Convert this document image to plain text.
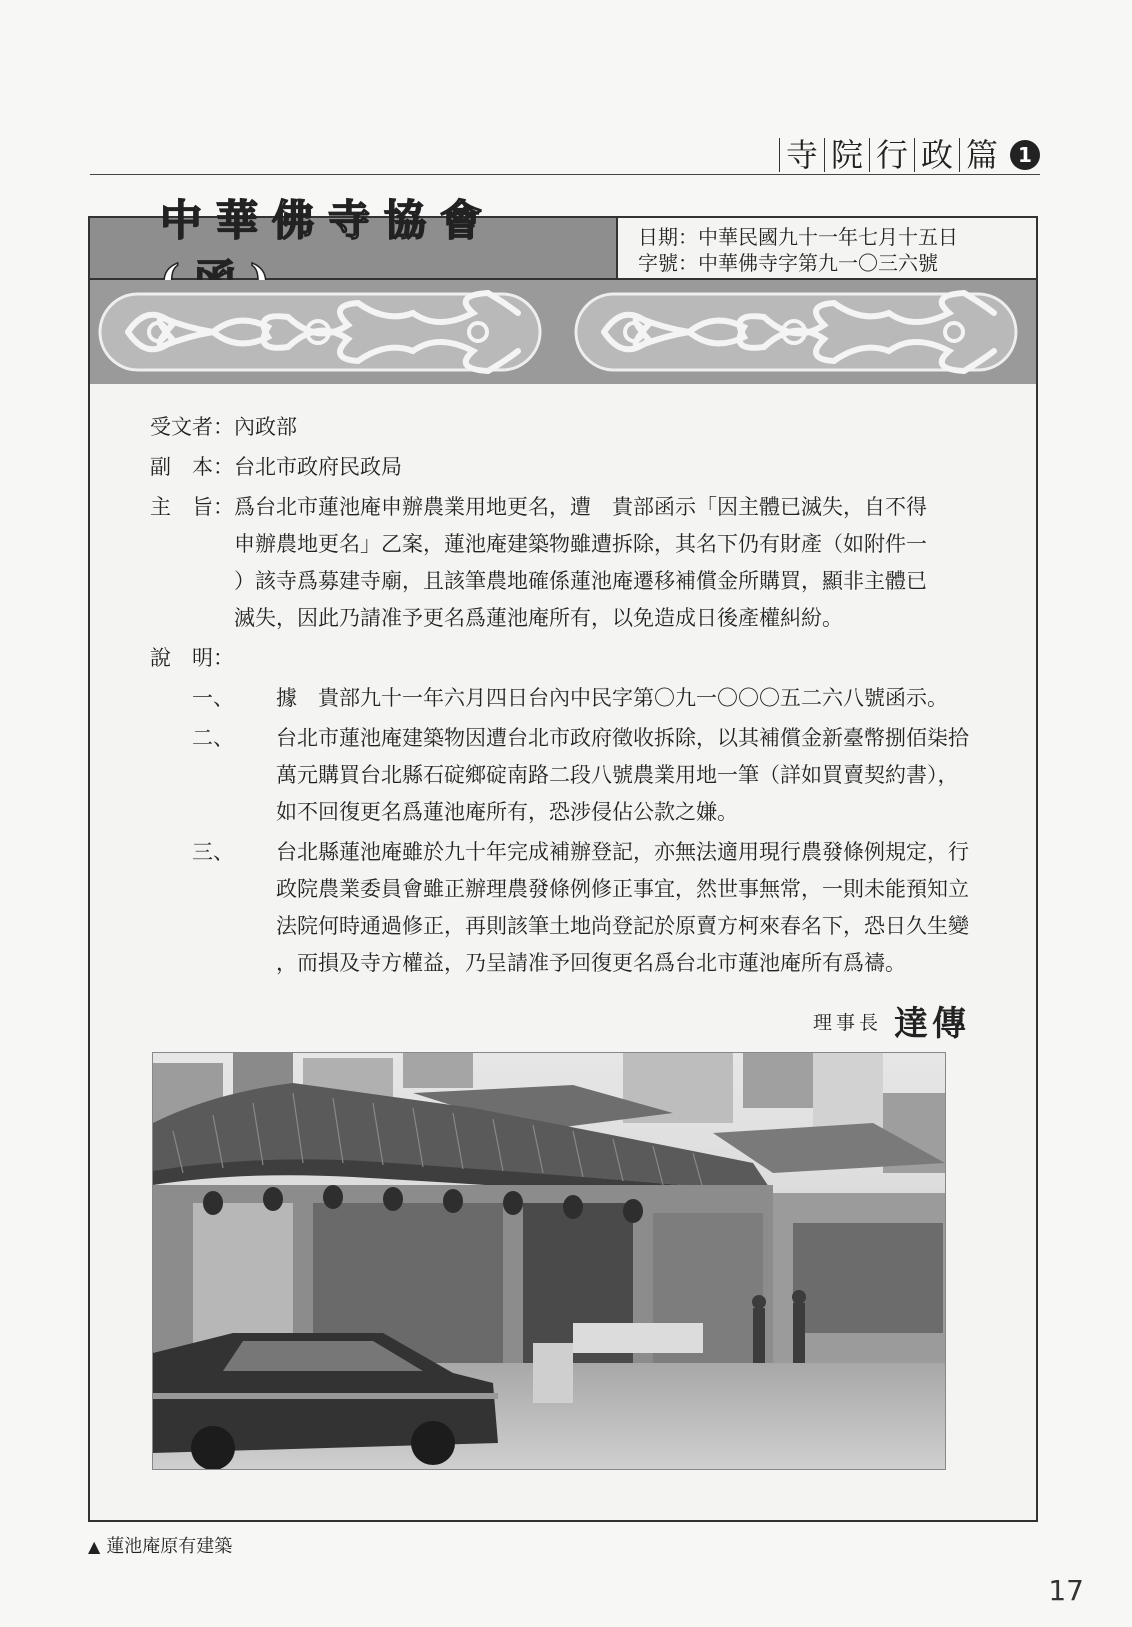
寺 院 行 政 篇	1
中華佛寺協會	日期：中華民國九十一年七月十五日
字號：中華佛寺字第九一〇三六號
受文者： 內政部
副　本： 台北市政府民政局
主　旨： 爲台北市蓮池庵申辦農業用地更名，遭　貴部函示「因主體已滅失，自不得
申辦農地更名」乙案，蓮池庵建築物雖遭拆除，其名下仍有財產（如附件一
）該寺爲募建寺廟，且該筆農地確係蓮池庵遷移補償金所購買，顯非主體已
滅失，因此乃請准予更名爲蓮池庵所有，以免造成日後產權糾紛。
說　明：
一、	據　貴部九十一年六月四日台內中民字第〇九一〇〇〇五二六八號函示。
二、	台北市蓮池庵建築物因遭台北市政府徵收拆除，以其補償金新臺幣捌佰柒拾
萬元購買台北縣石碇鄉碇南路二段八號農業用地一筆（詳如買賣契約書），
如不回復更名爲蓮池庵所有，恐涉侵佔公款之嫌。
三、	台北縣蓮池庵雖於九十年完成補辦登記，亦無法適用現行農發條例規定，行
政院農業委員會雖正辦理農發條例修正事宜，然世事無常，一則未能預知立
法院何時通過修正，再則該筆土地尚登記於原賣方柯來春名下，恐日久生變
，而損及寺方權益，乃呈請准予回復更名爲台北市蓮池庵所有爲禱。
理事長 達傳
▲ 蓮池庵原有建築
17
